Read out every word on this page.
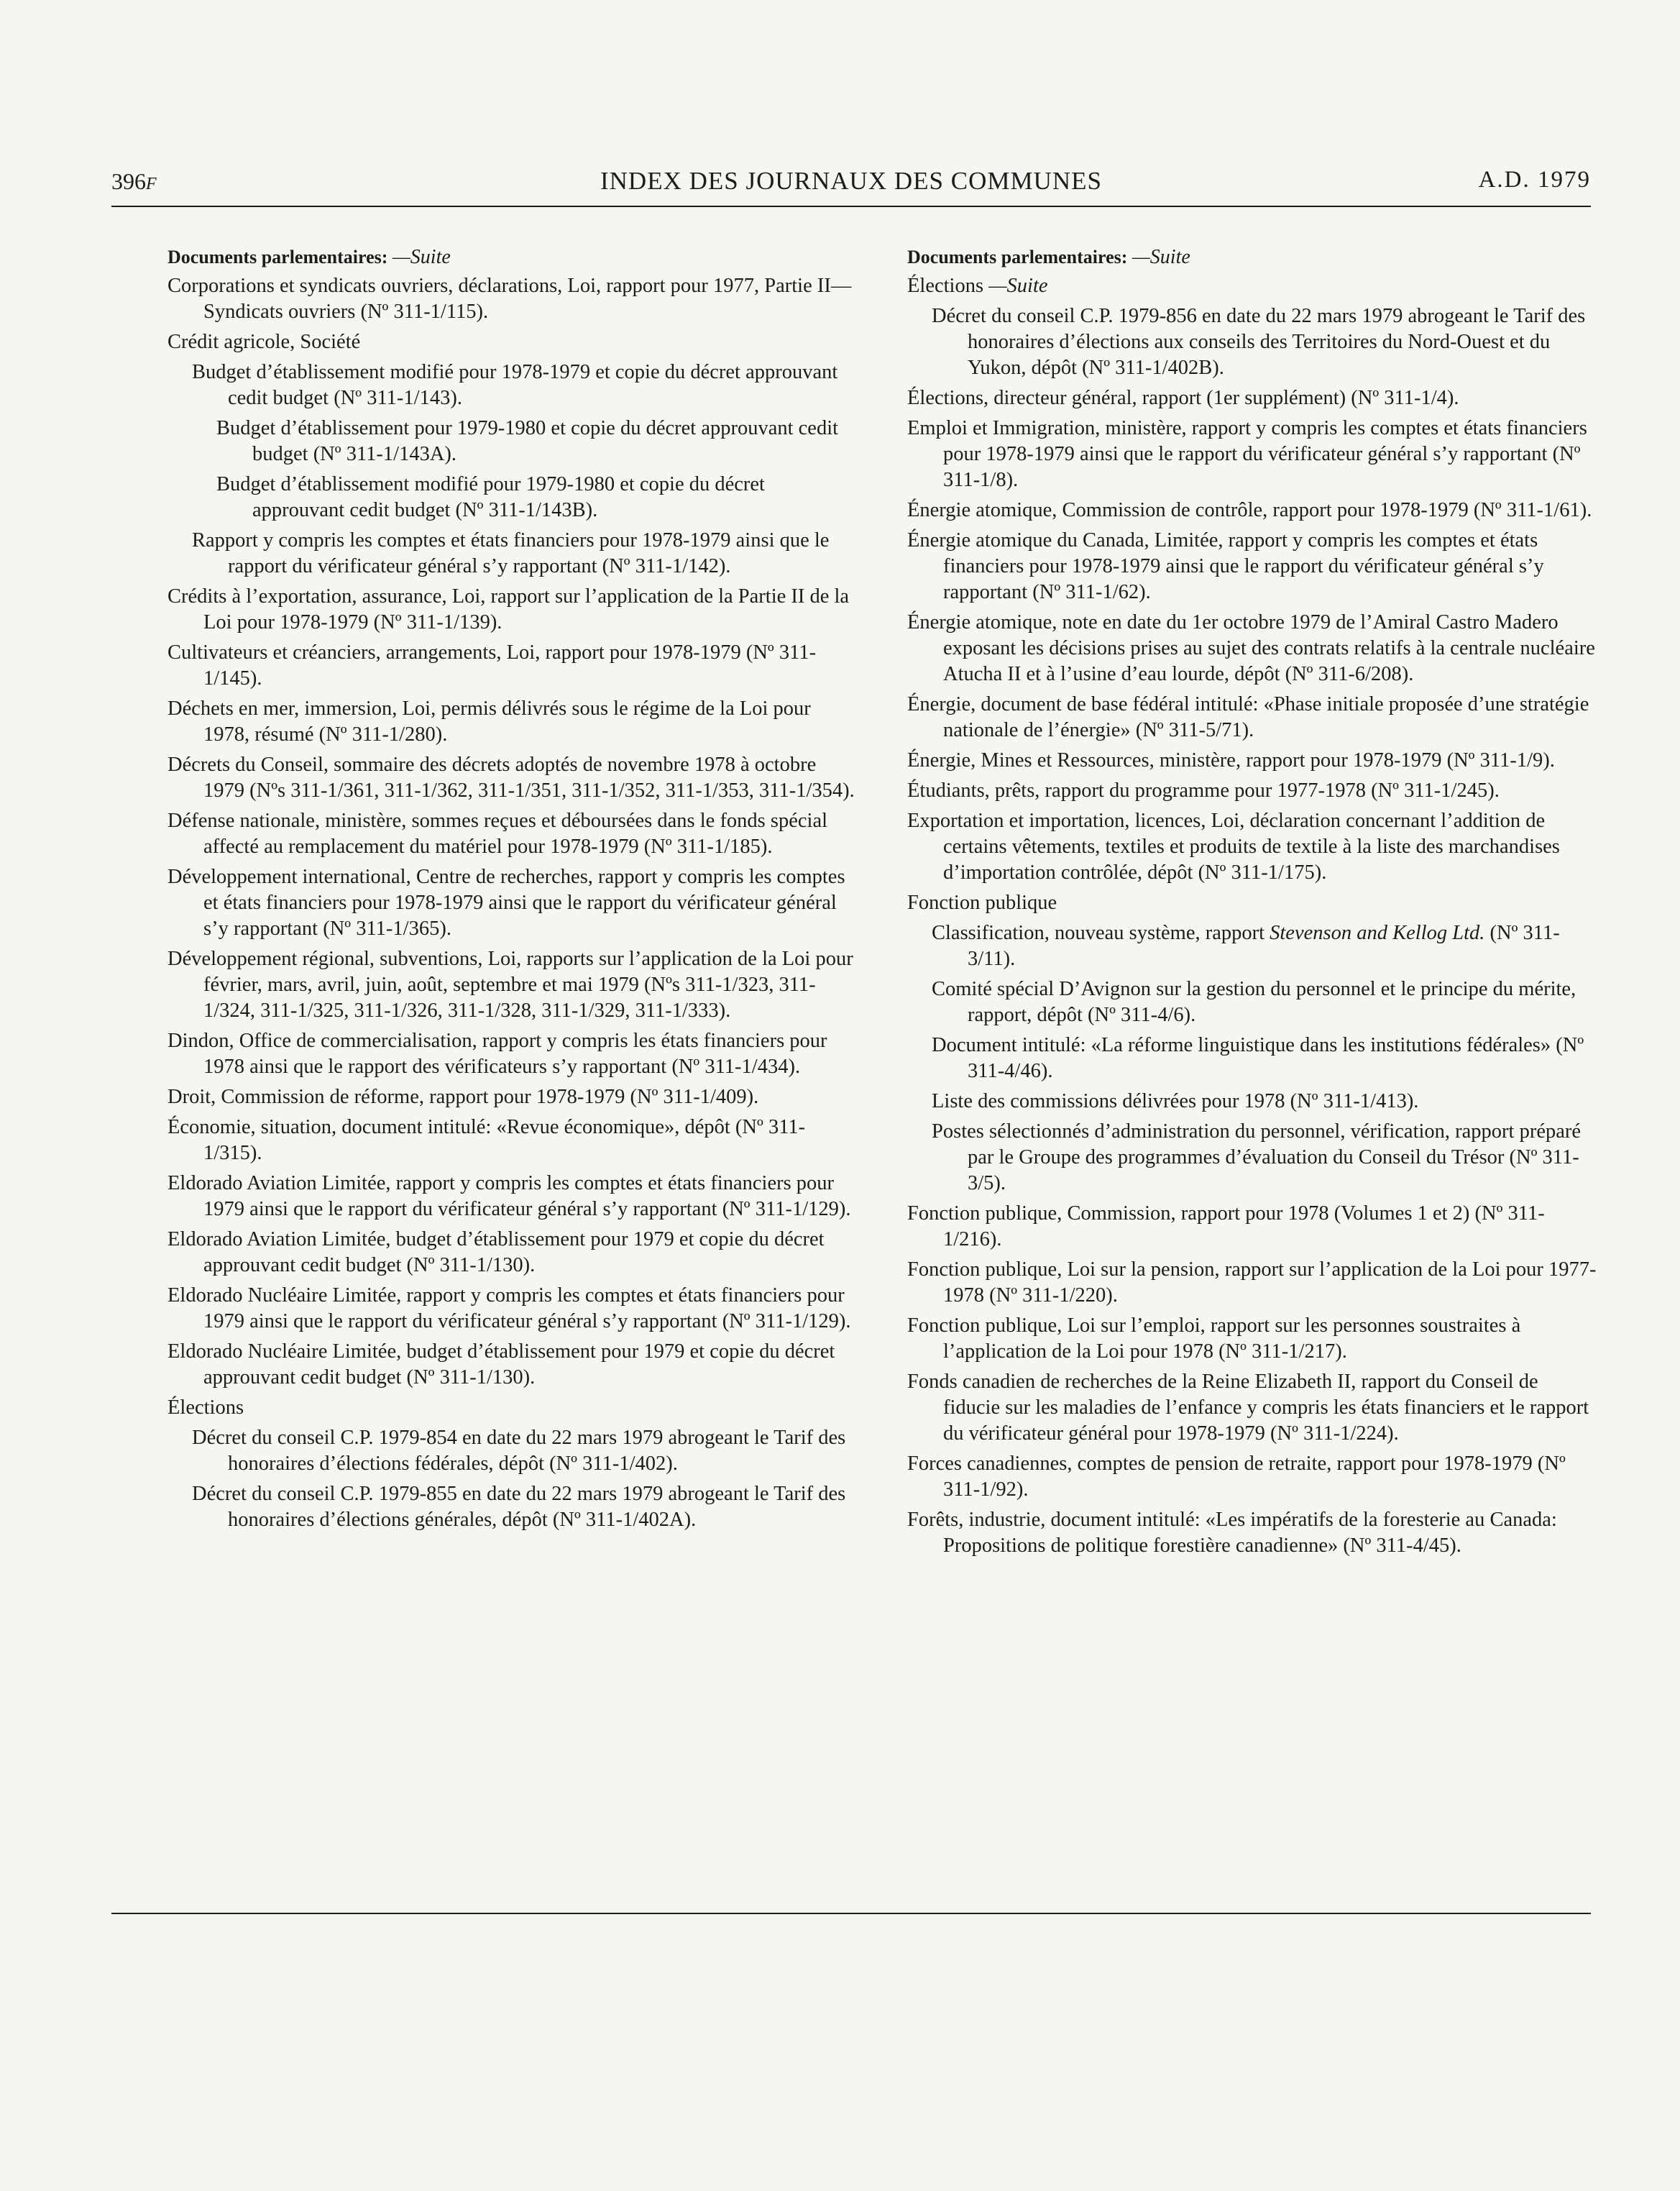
396F	INDEX DES JOURNAUX DES COMMUNES	A.D. 1979
Documents parlementaires: —Suite
Corporations et syndicats ouvriers, déclarations, Loi, rapport pour 1977, Partie II—Syndicats ouvriers (Nº 311-1/115).
Crédit agricole, Société
Budget d’établissement modifié pour 1978-1979 et copie du décret approuvant cedit budget (Nº 311-1/143).
Budget d’établissement pour 1979-1980 et copie du décret approuvant cedit budget (Nº 311-1/143A).
Budget d’établissement modifié pour 1979-1980 et copie du décret approuvant cedit budget (Nº 311-1/143B).
Rapport y compris les comptes et états financiers pour 1978-1979 ainsi que le rapport du vérificateur général s’y rapportant (Nº 311-1/142).
Crédits à l’exportation, assurance, Loi, rapport sur l’application de la Partie II de la Loi pour 1978-1979 (Nº 311-1/139).
Cultivateurs et créanciers, arrangements, Loi, rapport pour 1978-1979 (Nº 311-1/145).
Déchets en mer, immersion, Loi, permis délivrés sous le régime de la Loi pour 1978, résumé (Nº 311-1/280).
Décrets du Conseil, sommaire des décrets adoptés de novembre 1978 à octobre 1979 (Nºs 311-1/361, 311-1/362, 311-1/351, 311-1/352, 311-1/353, 311-1/354).
Défense nationale, ministère, sommes reçues et déboursées dans le fonds spécial affecté au remplacement du matériel pour 1978-1979 (Nº 311-1/185).
Développement international, Centre de recherches, rapport y compris les comptes et états financiers pour 1978-1979 ainsi que le rapport du vérificateur général s’y rapportant (Nº 311-1/365).
Développement régional, subventions, Loi, rapports sur l’application de la Loi pour février, mars, avril, juin, août, septembre et mai 1979 (Nºs 311-1/323, 311-1/324, 311-1/325, 311-1/326, 311-1/328, 311-1/329, 311-1/333).
Dindon, Office de commercialisation, rapport y compris les états financiers pour 1978 ainsi que le rapport des vérificateurs s’y rapportant (Nº 311-1/434).
Droit, Commission de réforme, rapport pour 1978-1979 (Nº 311-1/409).
Économie, situation, document intitulé: «Revue économique», dépôt (Nº 311-1/315).
Eldorado Aviation Limitée, rapport y compris les comptes et états financiers pour 1979 ainsi que le rapport du vérificateur général s’y rapportant (Nº 311-1/129).
Eldorado Aviation Limitée, budget d’établissement pour 1979 et copie du décret approuvant cedit budget (Nº 311-1/130).
Eldorado Nucléaire Limitée, rapport y compris les comptes et états financiers pour 1979 ainsi que le rapport du vérificateur général s’y rapportant (Nº 311-1/129).
Eldorado Nucléaire Limitée, budget d’établissement pour 1979 et copie du décret approuvant cedit budget (Nº 311-1/130).
Élections
Décret du conseil C.P. 1979-854 en date du 22 mars 1979 abrogeant le Tarif des honoraires d’élections fédérales, dépôt (Nº 311-1/402).
Décret du conseil C.P. 1979-855 en date du 22 mars 1979 abrogeant le Tarif des honoraires d’élections générales, dépôt (Nº 311-1/402A).
Documents parlementaires: —Suite
Élections —Suite
Décret du conseil C.P. 1979-856 en date du 22 mars 1979 abrogeant le Tarif des honoraires d’élections aux conseils des Territoires du Nord-Ouest et du Yukon, dépôt (Nº 311-1/402B).
Élections, directeur général, rapport (1er supplément) (Nº 311-1/4).
Emploi et Immigration, ministère, rapport y compris les comptes et états financiers pour 1978-1979 ainsi que le rapport du vérificateur général s’y rapportant (Nº 311-1/8).
Énergie atomique, Commission de contrôle, rapport pour 1978-1979 (Nº 311-1/61).
Énergie atomique du Canada, Limitée, rapport y compris les comptes et états financiers pour 1978-1979 ainsi que le rapport du vérificateur général s’y rapportant (Nº 311-1/62).
Énergie atomique, note en date du 1er octobre 1979 de l’Amiral Castro Madero exposant les décisions prises au sujet des contrats relatifs à la centrale nucléaire Atucha II et à l’usine d’eau lourde, dépôt (Nº 311-6/208).
Énergie, document de base fédéral intitulé: «Phase initiale proposée d’une stratégie nationale de l’énergie» (Nº 311-5/71).
Énergie, Mines et Ressources, ministère, rapport pour 1978-1979 (Nº 311-1/9).
Étudiants, prêts, rapport du programme pour 1977-1978 (Nº 311-1/245).
Exportation et importation, licences, Loi, déclaration concernant l’addition de certains vêtements, textiles et produits de textile à la liste des marchandises d’importation contrôlée, dépôt (Nº 311-1/175).
Fonction publique
Classification, nouveau système, rapport Stevenson and Kellog Ltd. (Nº 311-3/11).
Comité spécial D’Avignon sur la gestion du personnel et le principe du mérite, rapport, dépôt (Nº 311-4/6).
Document intitulé: «La réforme linguistique dans les institutions fédérales» (Nº 311-4/46).
Liste des commissions délivrées pour 1978 (Nº 311-1/413).
Postes sélectionnés d’administration du personnel, vérification, rapport préparé par le Groupe des programmes d’évaluation du Conseil du Trésor (Nº 311-3/5).
Fonction publique, Commission, rapport pour 1978 (Volumes 1 et 2) (Nº 311-1/216).
Fonction publique, Loi sur la pension, rapport sur l’application de la Loi pour 1977-1978 (Nº 311-1/220).
Fonction publique, Loi sur l’emploi, rapport sur les personnes soustraites à l’application de la Loi pour 1978 (Nº 311-1/217).
Fonds canadien de recherches de la Reine Elizabeth II, rapport du Conseil de fiducie sur les maladies de l’enfance y compris les états financiers et le rapport du vérificateur général pour 1978-1979 (Nº 311-1/224).
Forces canadiennes, comptes de pension de retraite, rapport pour 1978-1979 (Nº 311-1/92).
Forêts, industrie, document intitulé: «Les impératifs de la foresterie au Canada: Propositions de politique forestière canadienne» (Nº 311-4/45).
